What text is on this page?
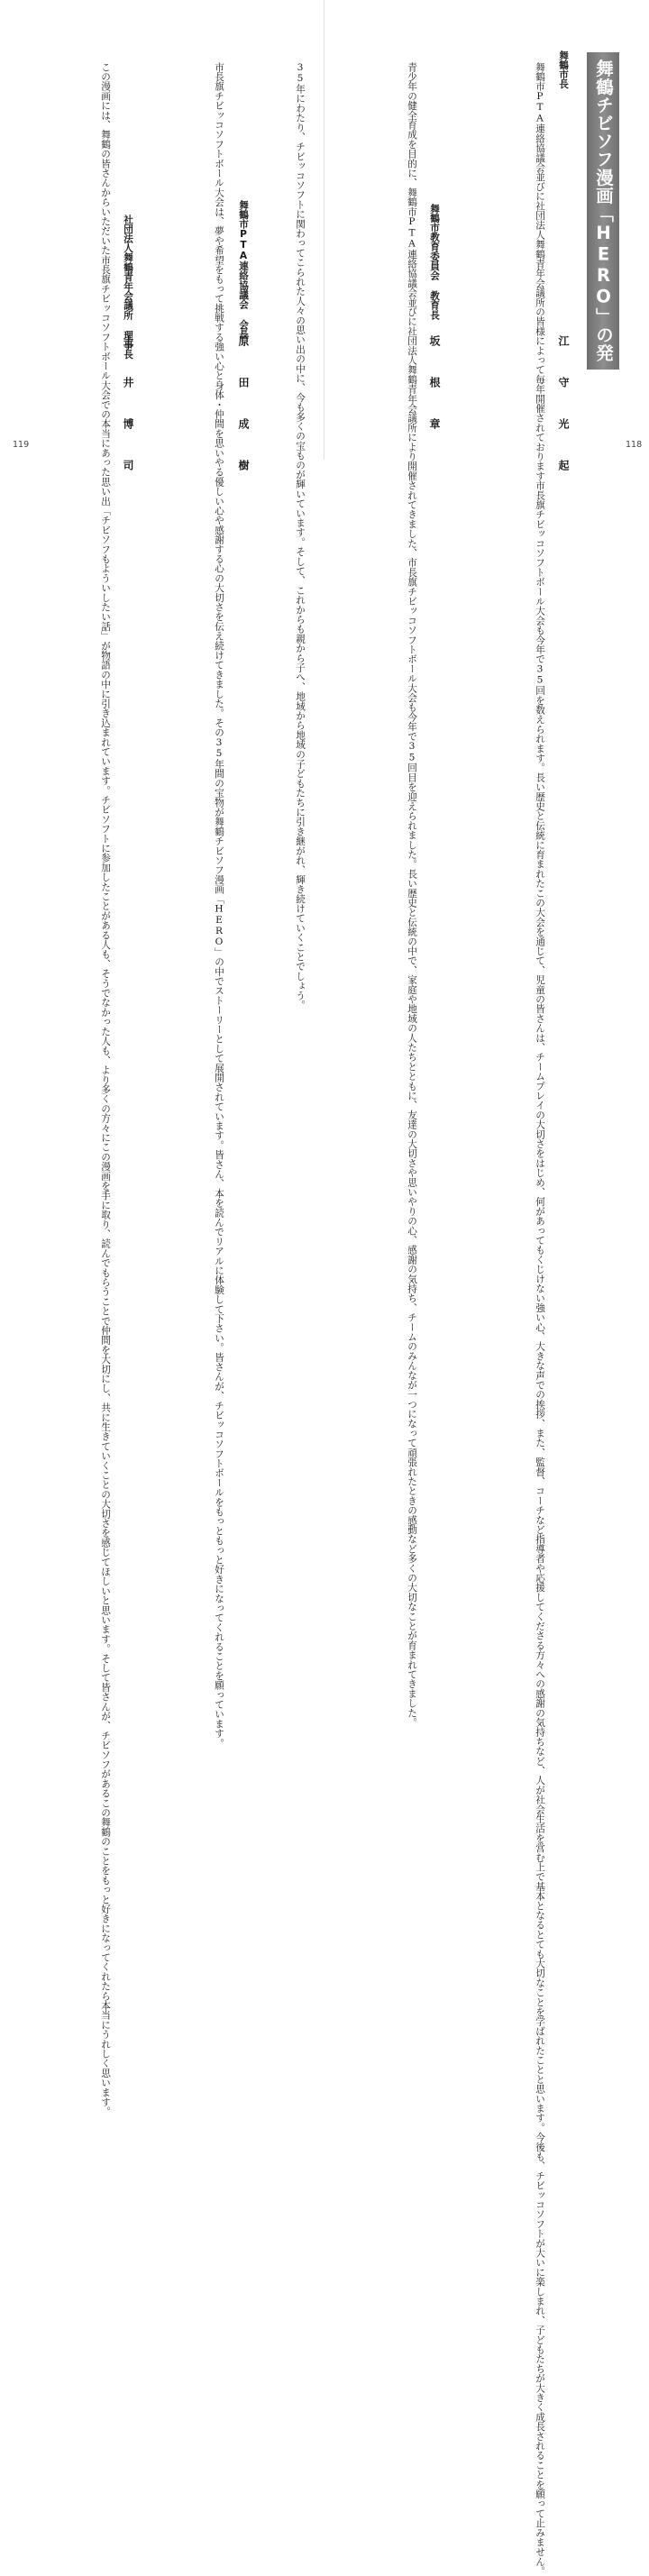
舞鶴チビソフ漫画「HERO」の発刊によせて
舞鶴市長
江 守 光 起

舞鶴市PTA連絡協議会並びに社団法人舞鶴青年会議所の皆様によって毎年開催されております市長旗チビッコソフトボール大会も今年で35回を数えられます。長い歴史と伝統に育まれたこの大会を通じて、児童の皆さんは、チームプレイの大切さをはじめ、何があってもくじけない強い心、大きな声での挨拶、また、監督、コーチなど指導者や応援してくださる方々への感謝の気持ちなど、人が社会生活を営む上で基本となるとても大切なことを学ばれたことと思います。今後も、チビッコソフトが大いに楽しまれ、子どもたちが大きく成長されることを願って止みません。

舞鶴市教育委員会 教育長
坂 根 章

青少年の健全育成を目的に、舞鶴市PTA連絡協議会並びに社団法人舞鶴青年会議所により開催されてきました、市長旗チビッコソフトボール大会も今年で35回目を迎えられました。長い歴史と伝統の中で、家庭や地域の人たちとともに、友達の大切さや思いやりの心、感謝の気持ち、チームのみんなが一つになって頑張れたときの感動など多くの大切なことが育まれてきました。	118

35年にわたり、チビッコソフトに関わってこられた人々の思い出の中に、今も多くの宝ものが輝いています。そして、これからも親から子へ、地域から地域の子どもたちに引き継がれ、輝き続けていくことでしょう。

舞鶴市PTA連絡協議会 会長
原 田 成 樹

市長旗チビッコソフトボール大会は、夢や希望をもって挑戦する強い心と身体・仲間を思いやる優しい心や感謝する心の大切さを伝え続けてきました。その35年間の宝物が舞鶴チビソフ漫画「HERO」の中でストーリーとして展開されています。皆さん、本を読んでリアルに体験して下さい。皆さんが、チビッコソフトボールをもっともっと好きになってくれることを願っています。

社団法人舞鶴青年会議所 理事長
土 井 博 司

この漫画には、舞鶴の皆さんからいただいた市長旗チビッコソフトボール大会での本当にあった思い出「チビソフもよういしたい話」が物語の中に引き込まれています。チビソフトに参加したことがある人も、そうでなかった人も、より多くの方々にこの漫画を手に取り、読んでもらうことで仲間を大切にし、共に生きていくことの大切さを感じてほしいと思います。そして皆さんが、チビソフがあるこの舞鶴のことをもっと好きになってくれたら本当にうれしく思います。

119
